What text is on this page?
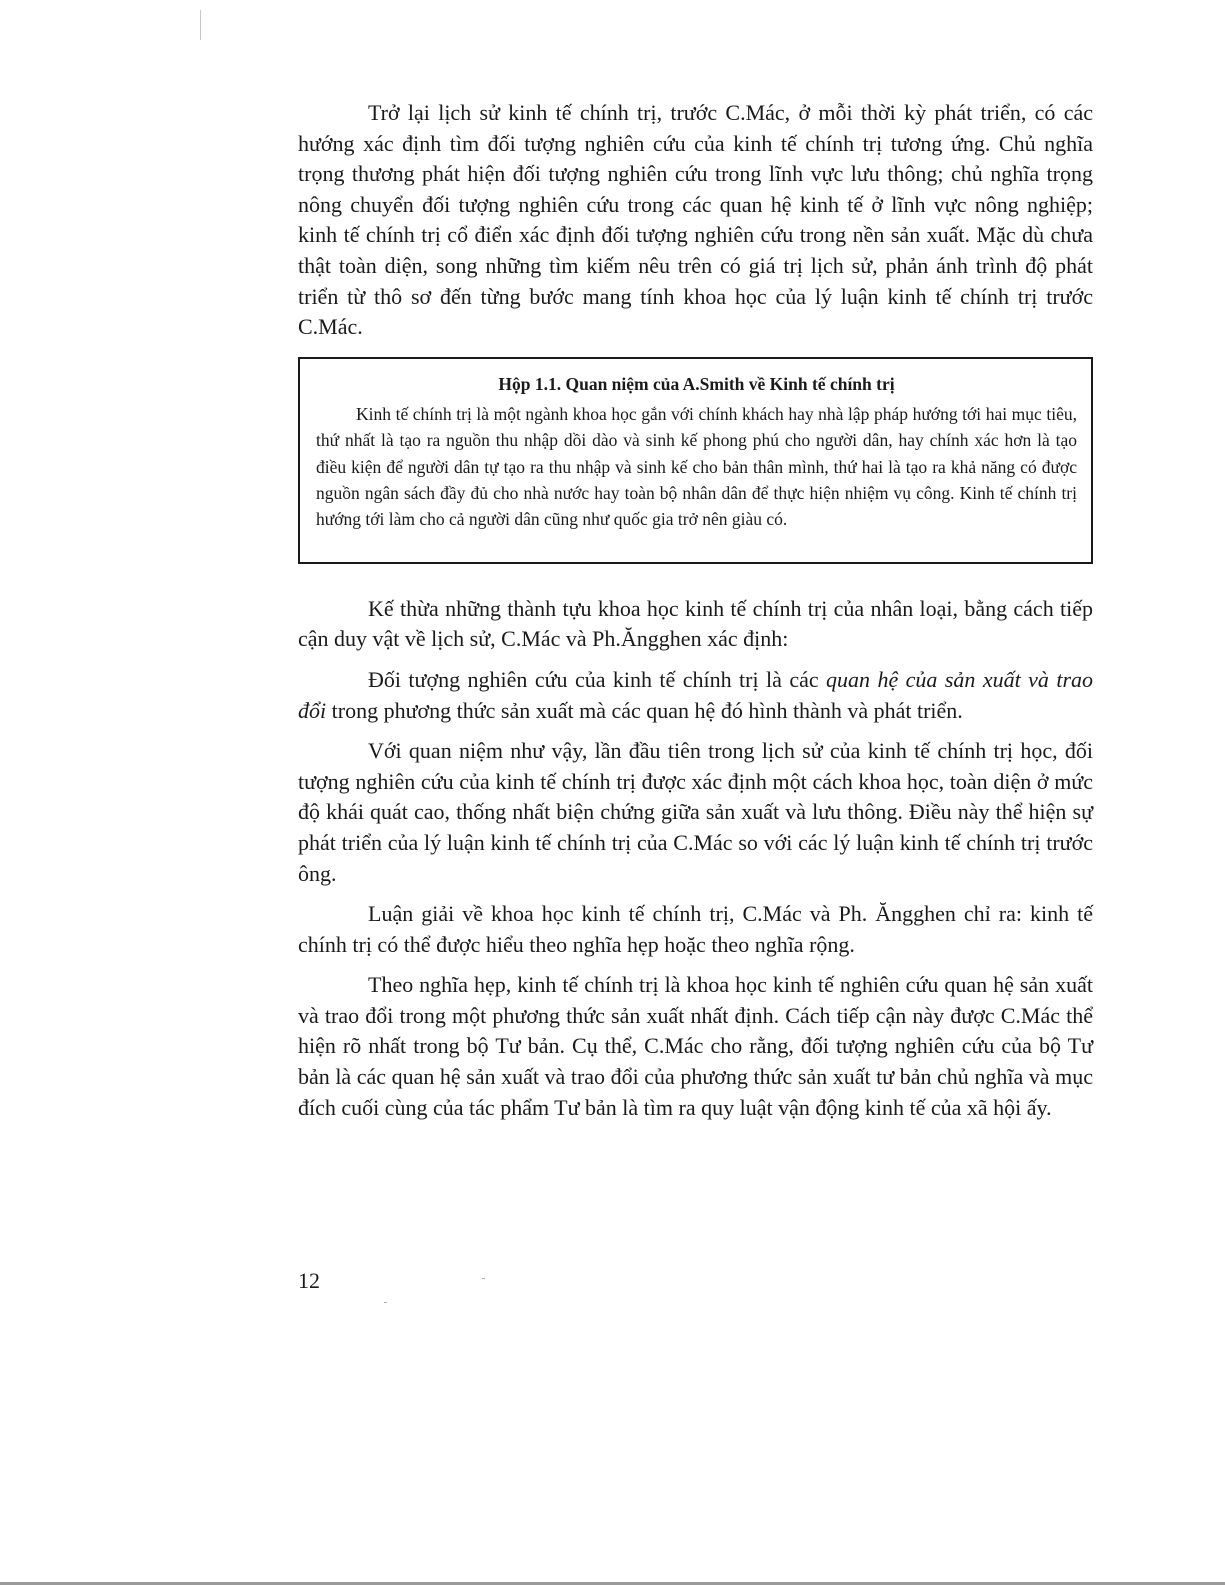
Trở lại lịch sử kinh tế chính trị, trước C.Mác, ở mỗi thời kỳ phát triển, có các hướng xác định tìm đối tượng nghiên cứu của kinh tế chính trị tương ứng. Chủ nghĩa trọng thương phát hiện đối tượng nghiên cứu trong lĩnh vực lưu thông; chủ nghĩa trọng nông chuyển đối tượng nghiên cứu trong các quan hệ kinh tế ở lĩnh vực nông nghiệp; kinh tế chính trị cổ điển xác định đối tượng nghiên cứu trong nền sản xuất. Mặc dù chưa thật toàn diện, song những tìm kiếm nêu trên có giá trị lịch sử, phản ánh trình độ phát triển từ thô sơ đến từng bước mang tính khoa học của lý luận kinh tế chính trị trước C.Mác.

Hộp 1.1. Quan niệm của A.Smith về Kinh tế chính trị

Kinh tế chính trị là một ngành khoa học gắn với chính khách hay nhà lập pháp hướng tới hai mục tiêu, thứ nhất là tạo ra nguồn thu nhập dồi dào và sinh kế phong phú cho người dân, hay chính xác hơn là tạo điều kiện để người dân tự tạo ra thu nhập và sinh kế cho bản thân mình, thứ hai là tạo ra khả năng có được nguồn ngân sách đầy đủ cho nhà nước hay toàn bộ nhân dân để thực hiện nhiệm vụ công. Kinh tế chính trị hướng tới làm cho cả người dân cũng như quốc gia trở nên giàu có.

Kế thừa những thành tựu khoa học kinh tế chính trị của nhân loại, bằng cách tiếp cận duy vật về lịch sử, C.Mác và Ph.Ăngghen xác định:

Đối tượng nghiên cứu của kinh tế chính trị là các quan hệ của sản xuất và trao đổi trong phương thức sản xuất mà các quan hệ đó hình thành và phát triển.

Với quan niệm như vậy, lần đầu tiên trong lịch sử của kinh tế chính trị học, đối tượng nghiên cứu của kinh tế chính trị được xác định một cách khoa học, toàn diện ở mức độ khái quát cao, thống nhất biện chứng giữa sản xuất và lưu thông. Điều này thể hiện sự phát triển của lý luận kinh tế chính trị của C.Mác so với các lý luận kinh tế chính trị trước ông.

Luận giải về khoa học kinh tế chính trị, C.Mác và Ph. Ăngghen chỉ ra: kinh tế chính trị có thể được hiểu theo nghĩa hẹp hoặc theo nghĩa rộng.

Theo nghĩa hẹp, kinh tế chính trị là khoa học kinh tế nghiên cứu quan hệ sản xuất và trao đổi trong một phương thức sản xuất nhất định. Cách tiếp cận này được C.Mác thể hiện rõ nhất trong bộ Tư bản. Cụ thể, C.Mác cho rằng, đối tượng nghiên cứu của bộ Tư bản là các quan hệ sản xuất và trao đổi của phương thức sản xuất tư bản chủ nghĩa và mục đích cuối cùng của tác phẩm Tư bản là tìm ra quy luật vận động kinh tế của xã hội ấy.

12
